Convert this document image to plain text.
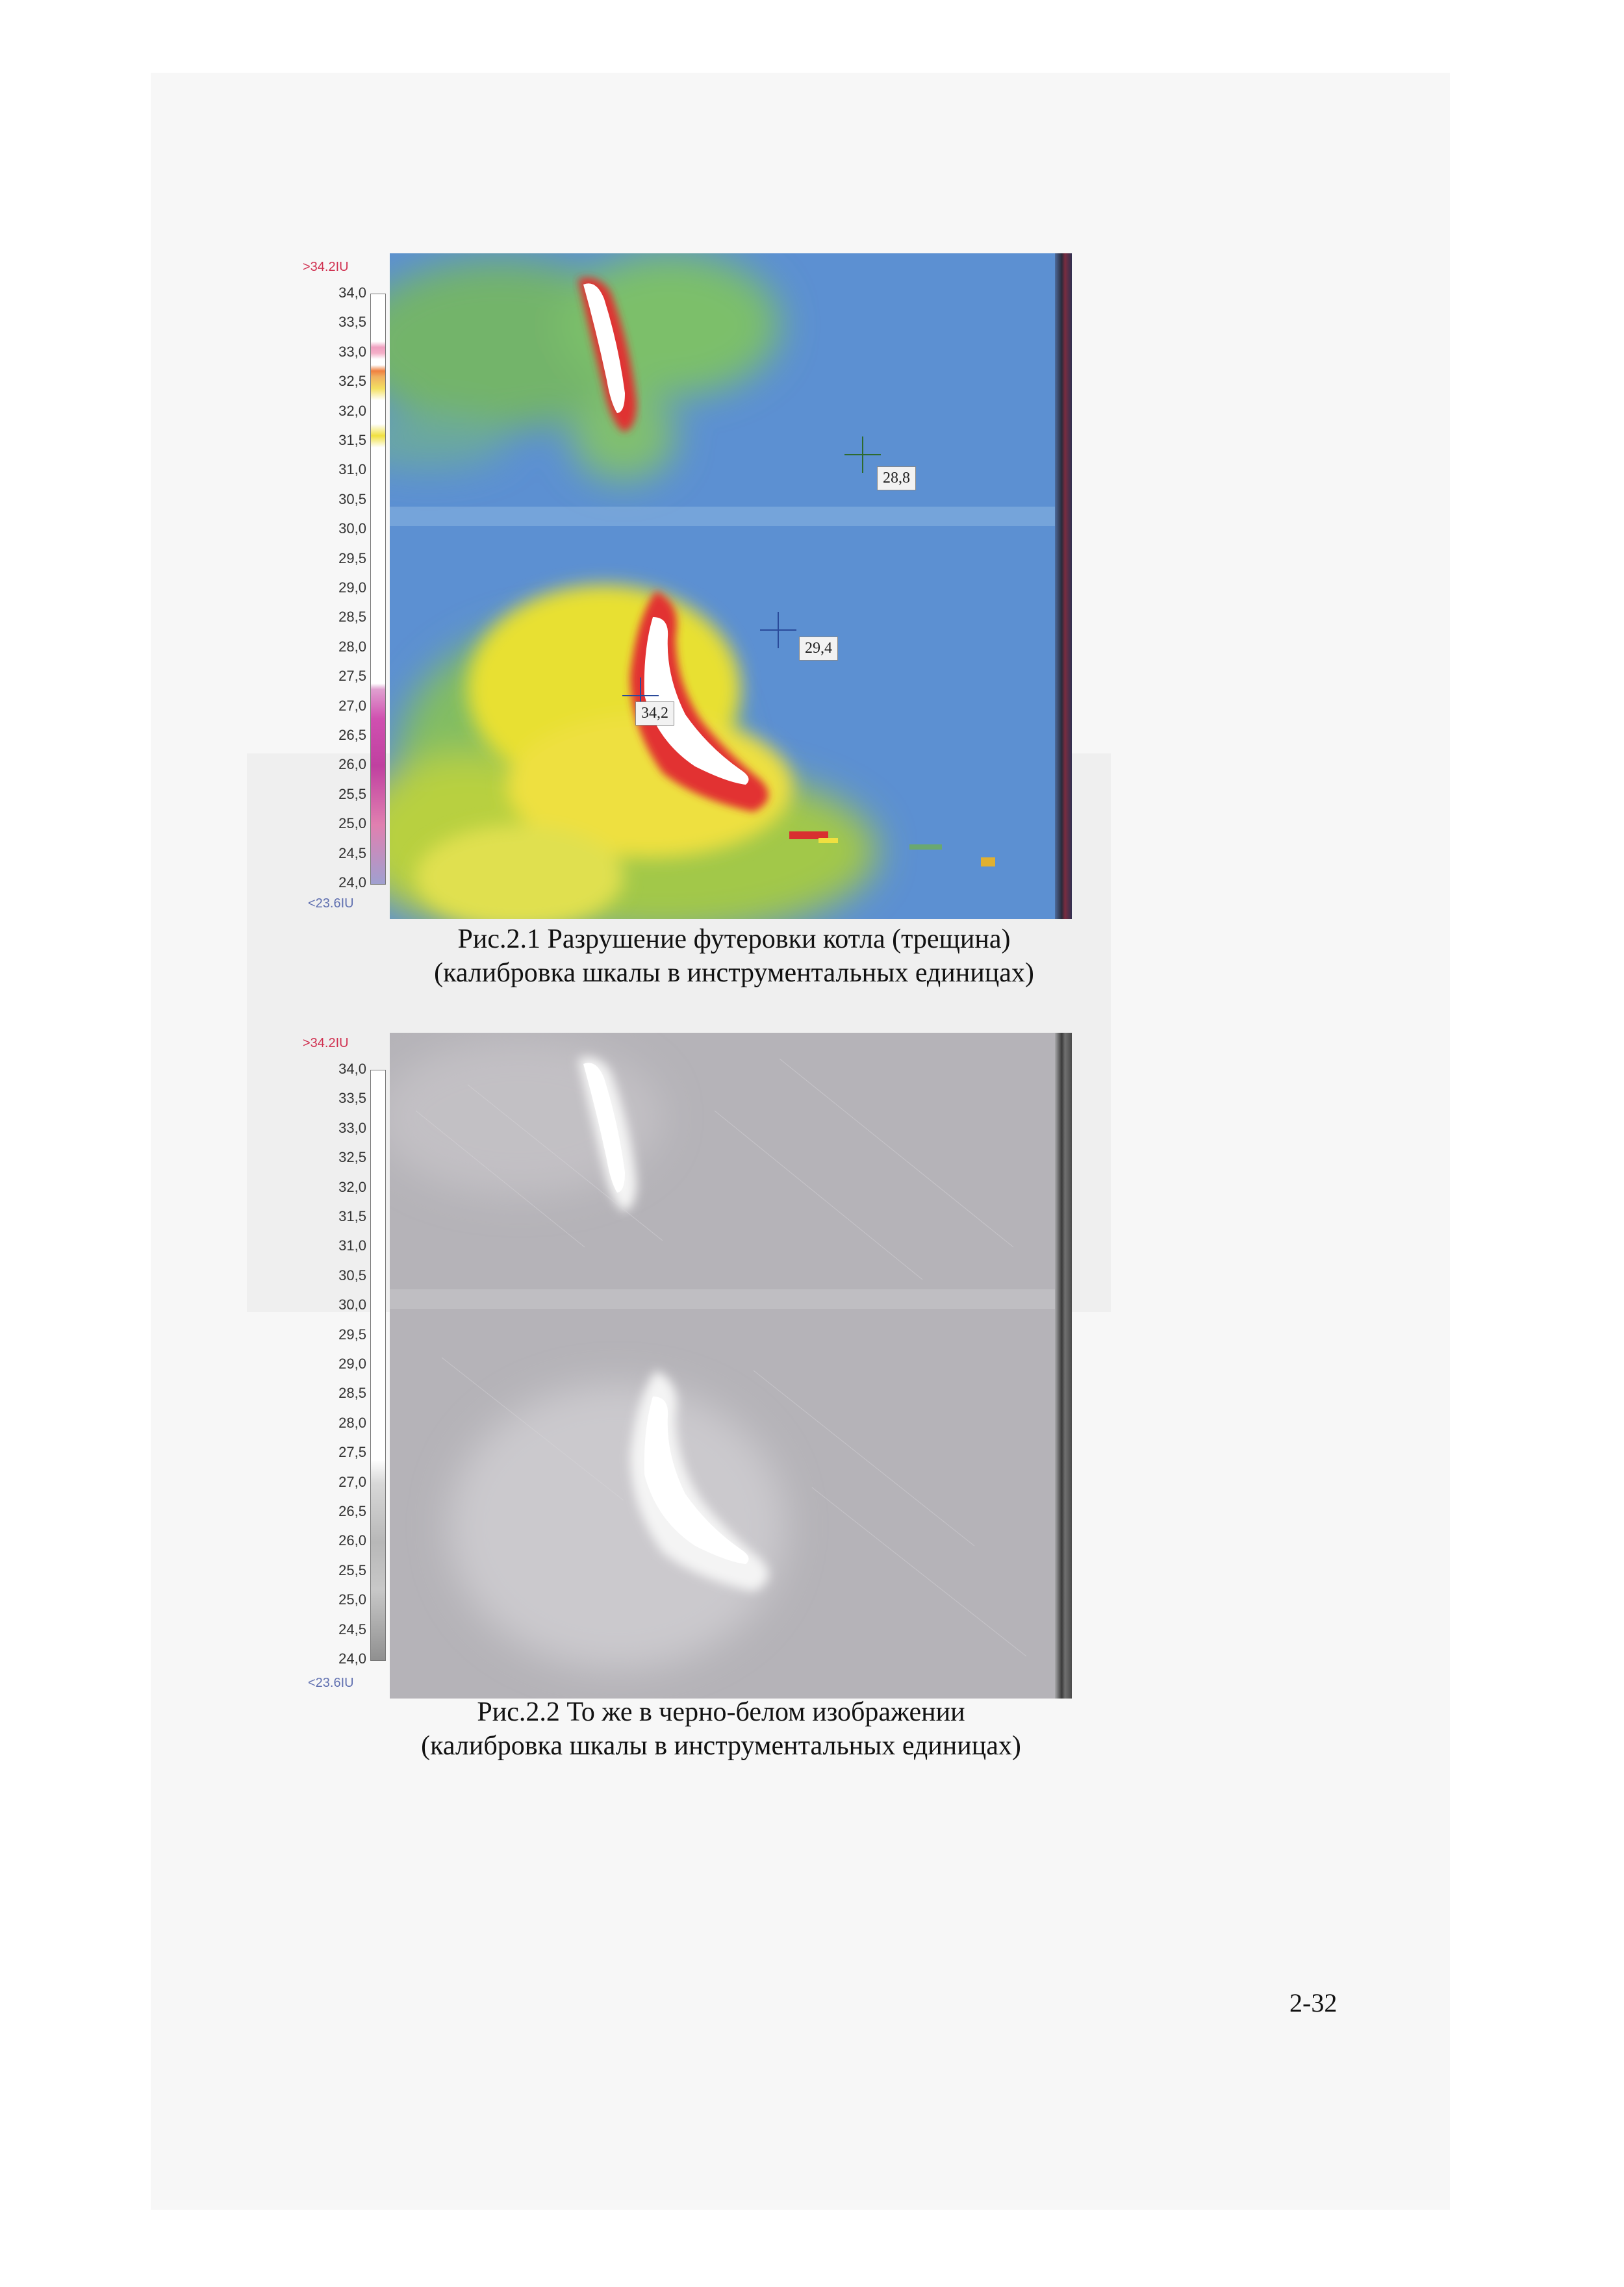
>34.2IU
34,0
33,5
33,0
32,5
32,0
31,5
31,0
30,5
30,0
29,5
29,0
28,5
28,0
27,5
27,0
26,5
26,0
25,5
25,0
24,5
24,0
<23.6IU
28,8
29,4
34,2
Рис.2.1 Разрушение футеровки котла (трещина)
(калибровка шкалы в инструментальных единицах)
>34.2IU
34,0
33,5
33,0
32,5
32,0
31,5
31,0
30,5
30,0
29,5
29,0
28,5
28,0
27,5
27,0
26,5
26,0
25,5
25,0
24,5
24,0
<23.6IU
Рис.2.2 То же в черно-белом изображении
(калибровка шкалы в инструментальных единицах)
2-32
